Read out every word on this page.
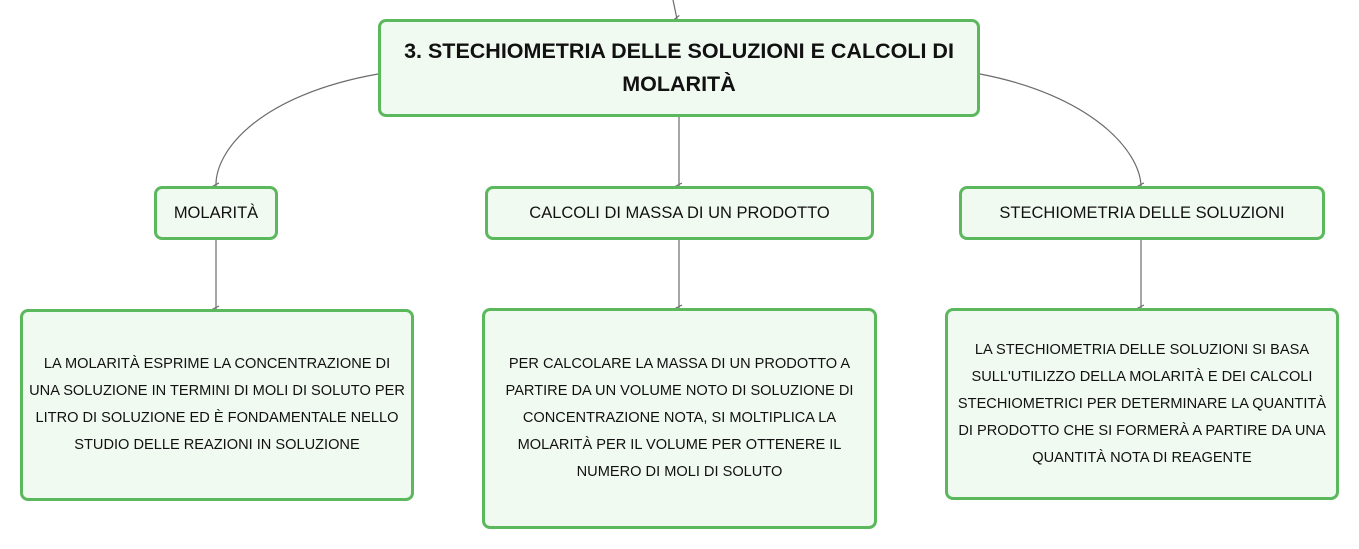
3. STECHIOMETRIA DELLE SOLUZIONI E CALCOLI DI MOLARITÀ
MOLARITÀ	CALCOLI DI MASSA DI UN PRODOTTO	STECHIOMETRIA DELLE SOLUZIONI
LA MOLARITÀ ESPRIME LA CONCENTRAZIONE DI UNA SOLUZIONE IN TERMINI DI MOLI DI SOLUTO PER LITRO DI SOLUZIONE ED È FONDAMENTALE NELLO STUDIO DELLE REAZIONI IN SOLUZIONE
PER CALCOLARE LA MASSA DI UN PRODOTTO A PARTIRE DA UN VOLUME NOTO DI SOLUZIONE DI CONCENTRAZIONE NOTA, SI MOLTIPLICA LA MOLARITÀ PER IL VOLUME PER OTTENERE IL NUMERO DI MOLI DI SOLUTO
LA STECHIOMETRIA DELLE SOLUZIONI SI BASA SULL'UTILIZZO DELLA MOLARITÀ E DEI CALCOLI STECHIOMETRICI PER DETERMINARE LA QUANTITÀ DI PRODOTTO CHE SI FORMERÀ A PARTIRE DA UNA QUANTITÀ NOTA DI REAGENTE
